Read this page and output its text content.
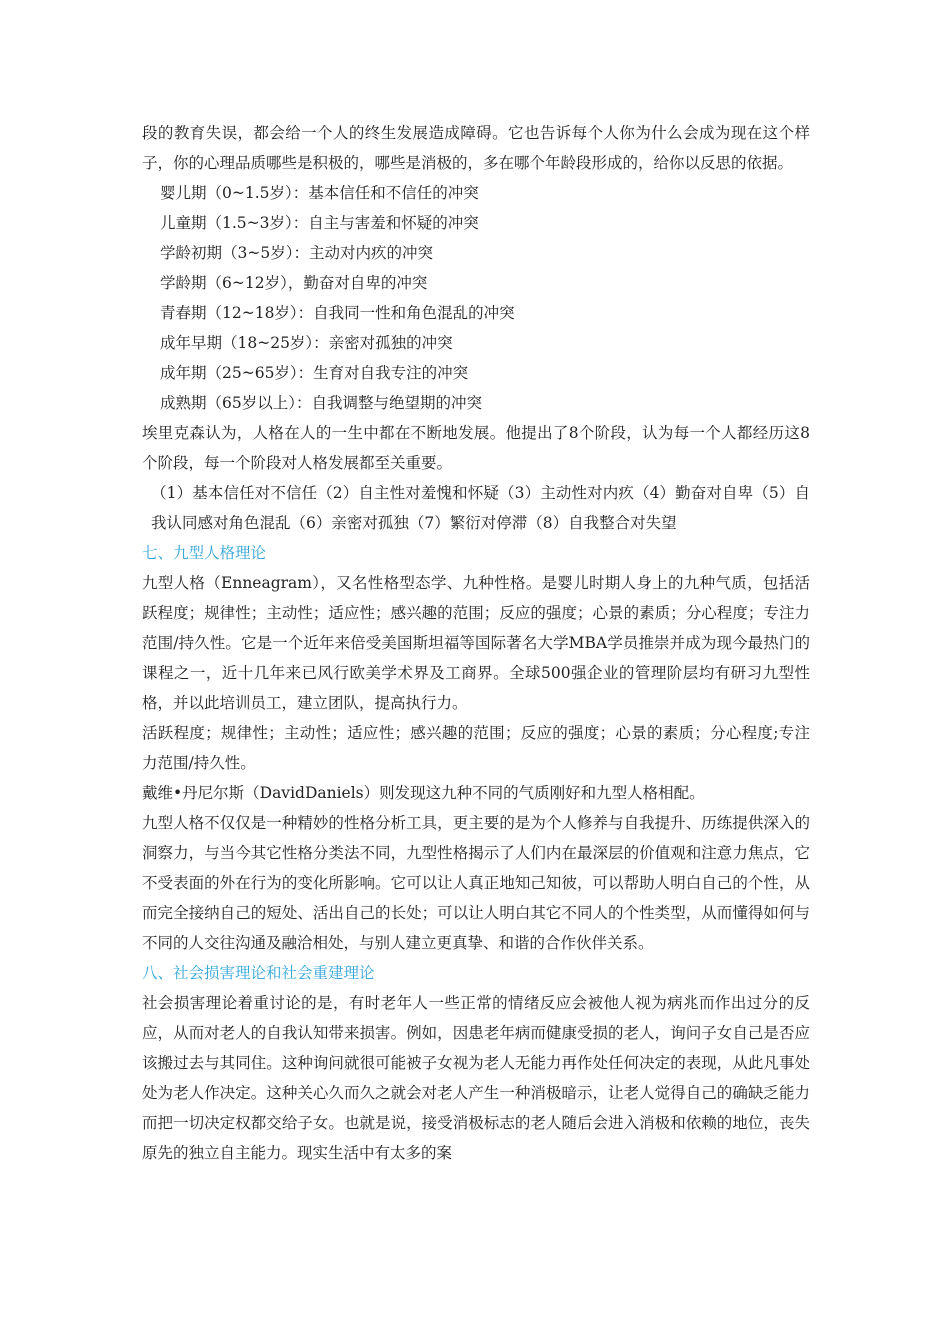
段的教育失误，都会给一个人的终生发展造成障碍。它也告诉每个人你为什么会成为现在这个样子，你的心理品质哪些是积极的，哪些是消极的，多在哪个年龄段形成的，给你以反思的依据。

婴儿期（0~1.5岁）：基本信任和不信任的冲突

儿童期（1.5~3岁）：自主与害羞和怀疑的冲突

学龄初期（3~5岁）：主动对内疚的冲突

学龄期（6~12岁），勤奋对自卑的冲突

青春期（12~18岁）：自我同一性和角色混乱的冲突

成年早期（18~25岁）：亲密对孤独的冲突

成年期（25~65岁）：生育对自我专注的冲突

成熟期（65岁以上）：自我调整与绝望期的冲突

埃里克森认为，人格在人的一生中都在不断地发展。他提出了8个阶段，认为每一个人都经历这8个阶段，每一个阶段对人格发展都至关重要。

（1）基本信任对不信任（2）自主性对羞愧和怀疑（3）主动性对内疚（4）勤奋对自卑（5）自我认同感对角色混乱（6）亲密对孤独（7）繁衍对停滞（8）自我整合对失望

七、九型人格理论

九型人格（Enneagram），又名性格型态学、九种性格。是婴儿时期人身上的九种气质，包括活跃程度；规律性；主动性；适应性；感兴趣的范围；反应的强度；心景的素质；分心程度；专注力范围/持久性。它是一个近年来倍受美国斯坦福等国际著名大学MBA学员推崇并成为现今最热门的课程之一，近十几年来已风行欧美学术界及工商界。全球500强企业的管理阶层均有研习九型性格，并以此培训员工，建立团队，提高执行力。

活跃程度；规律性；主动性；适应性；感兴趣的范围；反应的强度；心景的素质；分心程度;专注力范围/持久性。

戴维•丹尼尔斯（DavidDaniels）则发现这九种不同的气质刚好和九型人格相配。

九型人格不仅仅是一种精妙的性格分析工具，更主要的是为个人修养与自我提升、历练提供深入的洞察力，与当今其它性格分类法不同，九型性格揭示了人们内在最深层的价值观和注意力焦点，它不受表面的外在行为的变化所影响。它可以让人真正地知己知彼，可以帮助人明白自己的个性，从而完全接纳自己的短处、活出自己的长处；可以让人明白其它不同人的个性类型，从而懂得如何与不同的人交往沟通及融洽相处，与别人建立更真挚、和谐的合作伙伴关系。

八、社会损害理论和社会重建理论

社会损害理论着重讨论的是，有时老年人一些正常的情绪反应会被他人视为病兆而作出过分的反应，从而对老人的自我认知带来损害。例如，因患老年病而健康受损的老人，询问子女自己是否应该搬过去与其同住。这种询问就很可能被子女视为老人无能力再作处任何决定的表现，从此凡事处处为老人作决定。这种关心久而久之就会对老人产生一种消极暗示，让老人觉得自己的确缺乏能力而把一切决定权都交给子女。也就是说，接受消极标志的老人随后会进入消极和依赖的地位，丧失原先的独立自主能力。现实生活中有太多的案
